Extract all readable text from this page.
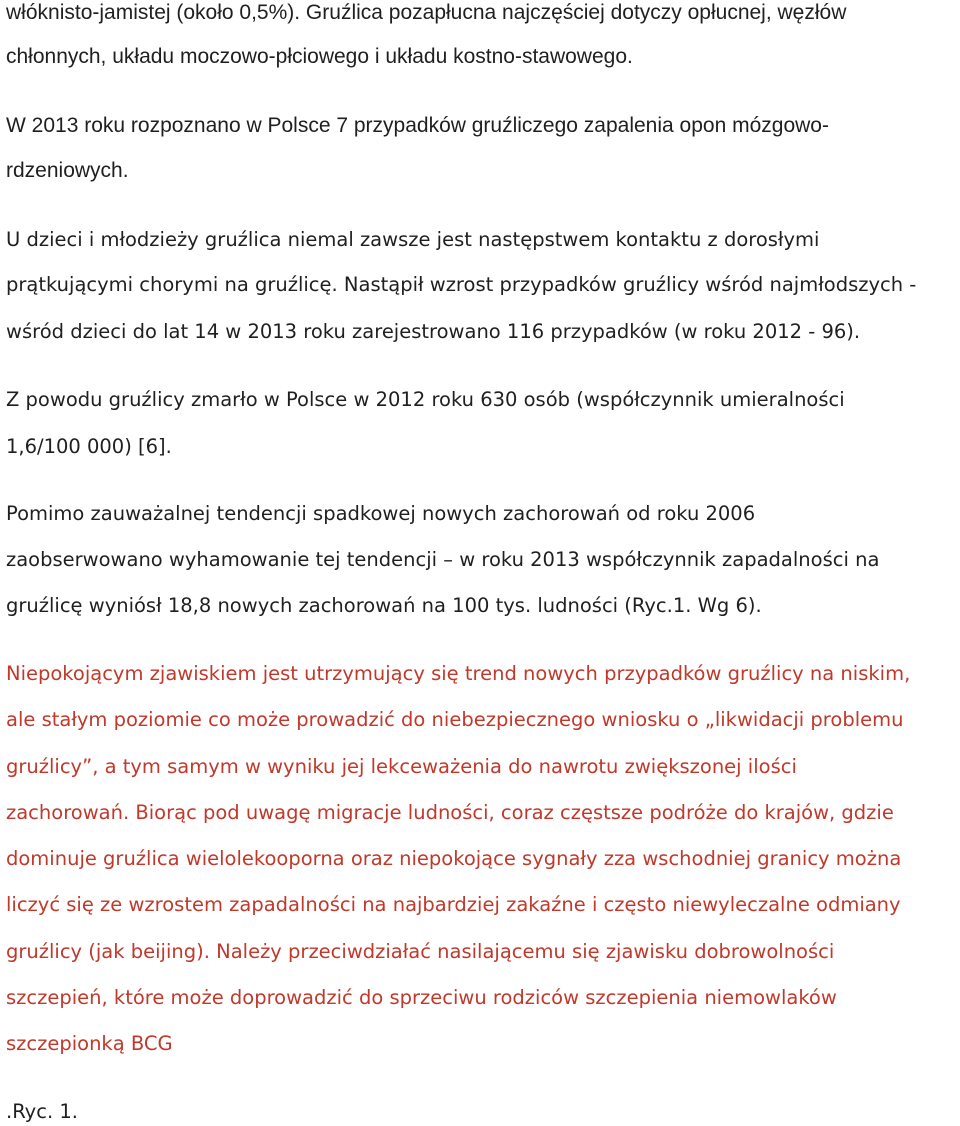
włóknisto-jamistej (około 0,5%). Gruźlica pozapłucna najczęściej dotyczy opłucnej, węzłów
chłonnych, układu moczowo-płciowego i układu kostno-stawowego.
W 2013 roku rozpoznano w Polsce 7 przypadków gruźliczego zapalenia opon mózgowo-
rdzeniowych.
U dzieci i młodzieży gruźlica niemal zawsze jest następstwem kontaktu z dorosłymi
prątkującymi chorymi na gruźlicę. Nastąpił wzrost przypadków gruźlicy wśród najmłodszych -
wśród dzieci do lat 14 w 2013 roku zarejestrowano 116 przypadków (w roku 2012 - 96).
Z powodu gruźlicy zmarło w Polsce w 2012 roku 630 osób (współczynnik umieralności
1,6/100 000) [6].
Pomimo zauważalnej tendencji spadkowej nowych zachorowań od roku 2006
zaobserwowano wyhamowanie tej tendencji – w roku 2013 współczynnik zapadalności na
gruźlicę wyniósł 18,8 nowych zachorowań na 100 tys. ludności (Ryc.1. Wg 6).
Niepokojącym zjawiskiem jest utrzymujący się trend nowych przypadków gruźlicy na niskim,
ale stałym poziomie co może prowadzić do niebezpiecznego wniosku o „likwidacji problemu
gruźlicy”, a tym samym w wyniku jej lekceważenia do nawrotu zwiększonej ilości
zachorowań. Biorąc pod uwagę migracje ludności, coraz częstsze podróże do krajów, gdzie
dominuje gruźlica wielolekooporna oraz niepokojące sygnały zza wschodniej granicy można
liczyć się ze wzrostem zapadalności na najbardziej zakaźne i często niewyleczalne odmiany
gruźlicy (jak beijing). Należy przeciwdziałać nasilającemu się zjawisku dobrowolności
szczepień, które może doprowadzić do sprzeciwu rodziców szczepienia niemowlaków
szczepionką BCG
.Ryc. 1.
